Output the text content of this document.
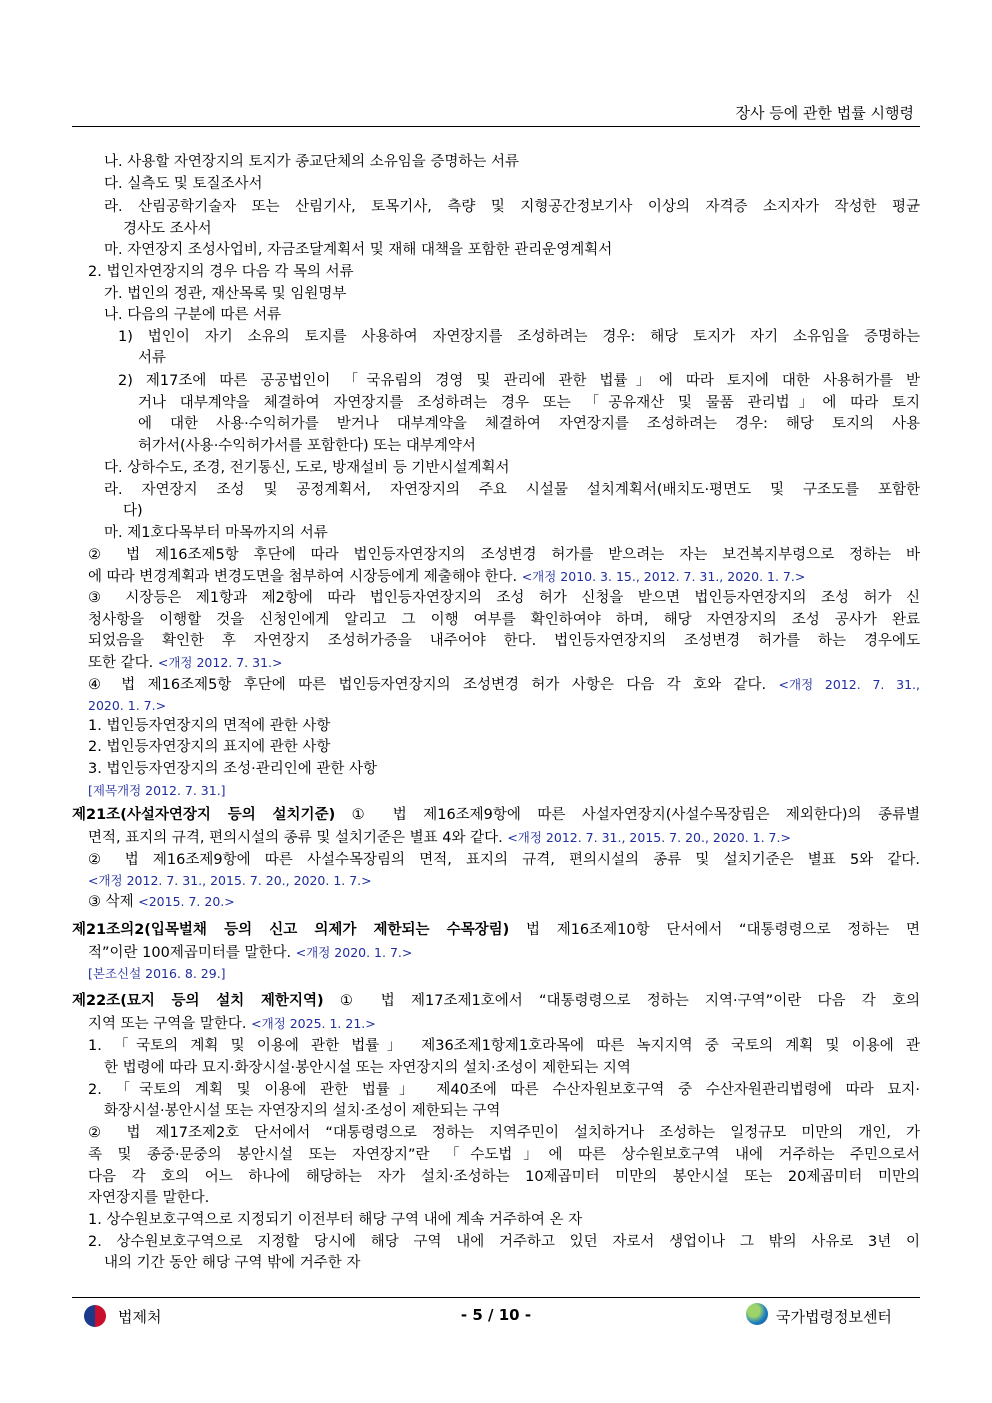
장사 등에 관한 법률 시행령
나. 사용할 자연장지의 토지가 종교단체의 소유임을 증명하는 서류
다. 실측도 및 토질조사서
라. 산림공학기술자 또는 산림기사, 토목기사, 측량 및 지형공간정보기사 이상의 자격증 소지자가 작성한 평균
경사도 조사서
마. 자연장지 조성사업비, 자금조달계획서 및 재해 대책을 포함한 관리운영계획서
2. 법인자연장지의 경우 다음 각 목의 서류
가. 법인의 정관, 재산목록 및 임원명부
나. 다음의 구분에 따른 서류
1) 법인이 자기 소유의 토지를 사용하여 자연장지를 조성하려는 경우: 해당 토지가 자기 소유임을 증명하는
서류
2) 제17조에 따른 공공법인이 「국유림의 경영 및 관리에 관한 법률」에 따라 토지에 대한 사용허가를 받
거나 대부계약을 체결하여 자연장지를 조성하려는 경우 또는 「공유재산 및 물품 관리법」에 따라 토지
에 대한 사용·수익허가를 받거나 대부계약을 체결하여 자연장지를 조성하려는 경우: 해당 토지의 사용
허가서(사용·수익허가서를 포함한다) 또는 대부계약서
다. 상하수도, 조경, 전기통신, 도로, 방재설비 등 기반시설계획서
라. 자연장지 조성 및 공정계획서, 자연장지의 주요 시설물 설치계획서(배치도·평면도 및 구조도를 포함한
다)
마. 제1호다목부터 마목까지의 서류
② 법 제16조제5항 후단에 따라 법인등자연장지의 조성변경 허가를 받으려는 자는 보건복지부령으로 정하는 바
에 따라 변경계획과 변경도면을 첨부하여 시장등에게 제출해야 한다. <개정 2010. 3. 15., 2012. 7. 31., 2020. 1. 7.>
③ 시장등은 제1항과 제2항에 따라 법인등자연장지의 조성 허가 신청을 받으면 법인등자연장지의 조성 허가 신
청사항을 이행할 것을 신청인에게 알리고 그 이행 여부를 확인하여야 하며, 해당 자연장지의 조성 공사가 완료
되었음을 확인한 후 자연장지 조성허가증을 내주어야 한다. 법인등자연장지의 조성변경 허가를 하는 경우에도
또한 같다. <개정 2012. 7. 31.>
④ 법 제16조제5항 후단에 따른 법인등자연장지의 조성변경 허가 사항은 다음 각 호와 같다. <개정 2012. 7. 31.,
2020. 1. 7.>
1. 법인등자연장지의 면적에 관한 사항
2. 법인등자연장지의 표지에 관한 사항
3. 법인등자연장지의 조성·관리인에 관한 사항
[제목개정 2012. 7. 31.]
제21조(사설자연장지 등의 설치기준) ① 법 제16조제9항에 따른 사설자연장지(사설수목장림은 제외한다)의 종류별
면적, 표지의 규격, 편의시설의 종류 및 설치기준은 별표 4와 같다. <개정 2012. 7. 31., 2015. 7. 20., 2020. 1. 7.>
② 법 제16조제9항에 따른 사설수목장림의 면적, 표지의 규격, 편의시설의 종류 및 설치기준은 별표 5와 같다.
<개정 2012. 7. 31., 2015. 7. 20., 2020. 1. 7.>
③ 삭제 <2015. 7. 20.>
제21조의2(입목벌채 등의 신고 의제가 제한되는 수목장림) 법 제16조제10항 단서에서 “대통령령으로 정하는 면
적”이란 100제곱미터를 말한다. <개정 2020. 1. 7.>
[본조신설 2016. 8. 29.]
제22조(묘지 등의 설치 제한지역) ① 법 제17조제1호에서 “대통령령으로 정하는 지역·구역”이란 다음 각 호의
지역 또는 구역을 말한다. <개정 2025. 1. 21.>
1. 「국토의 계획 및 이용에 관한 법률」 제36조제1항제1호라목에 따른 녹지지역 중 국토의 계획 및 이용에 관
한 법령에 따라 묘지·화장시설·봉안시설 또는 자연장지의 설치·조성이 제한되는 지역
2. 「국토의 계획 및 이용에 관한 법률」 제40조에 따른 수산자원보호구역 중 수산자원관리법령에 따라 묘지·
화장시설·봉안시설 또는 자연장지의 설치·조성이 제한되는 구역
② 법 제17조제2호 단서에서 “대통령령으로 정하는 지역주민이 설치하거나 조성하는 일정규모 미만의 개인, 가
족 및 종중·문중의 봉안시설 또는 자연장지”란 「수도법」에 따른 상수원보호구역 내에 거주하는 주민으로서
다음 각 호의 어느 하나에 해당하는 자가 설치·조성하는 10제곱미터 미만의 봉안시설 또는 20제곱미터 미만의
자연장지를 말한다.
1. 상수원보호구역으로 지정되기 이전부터 해당 구역 내에 계속 거주하여 온 자
2. 상수원보호구역으로 지정할 당시에 해당 구역 내에 거주하고 있던 자로서 생업이나 그 밖의 사유로 3년 이
내의 기간 동안 해당 구역 밖에 거주한 자
법제처	- 5 / 10 -	국가법령정보센터
